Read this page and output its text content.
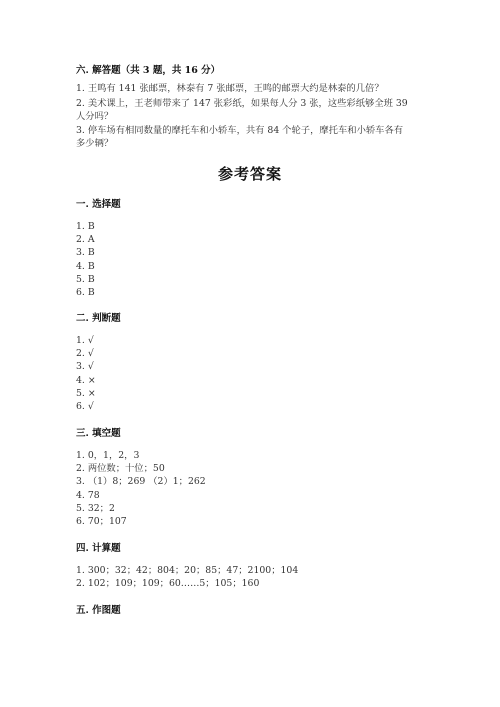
六. 解答题（共 3 题，共 16 分）
1. 王鸣有 141 张邮票，林泰有 7 张邮票，王鸣的邮票大约是林泰的几倍？
2. 美术课上，王老师带来了 147 张彩纸，如果每人分 3 张，这些彩纸够全班 39
人分吗？
3. 停车场有相同数量的摩托车和小轿车，共有 84 个轮子，摩托车和小轿车各有
多少辆？
参考答案
一. 选择题
1. B
2. A
3. B
4. B
5. B
6. B
二. 判断题
1. √
2. √
3. √
4. ×
5. ×
6. √
三. 填空题
1. 0，1，2，3
2. 两位数；十位；50
3. （1）8；269 （2）1；262
4. 78
5. 32；2
6. 70；107
四. 计算题
1. 300；32；42；804；20；85；47；2100；104
2. 102；109；109；60……5；105；160
五. 作图题
